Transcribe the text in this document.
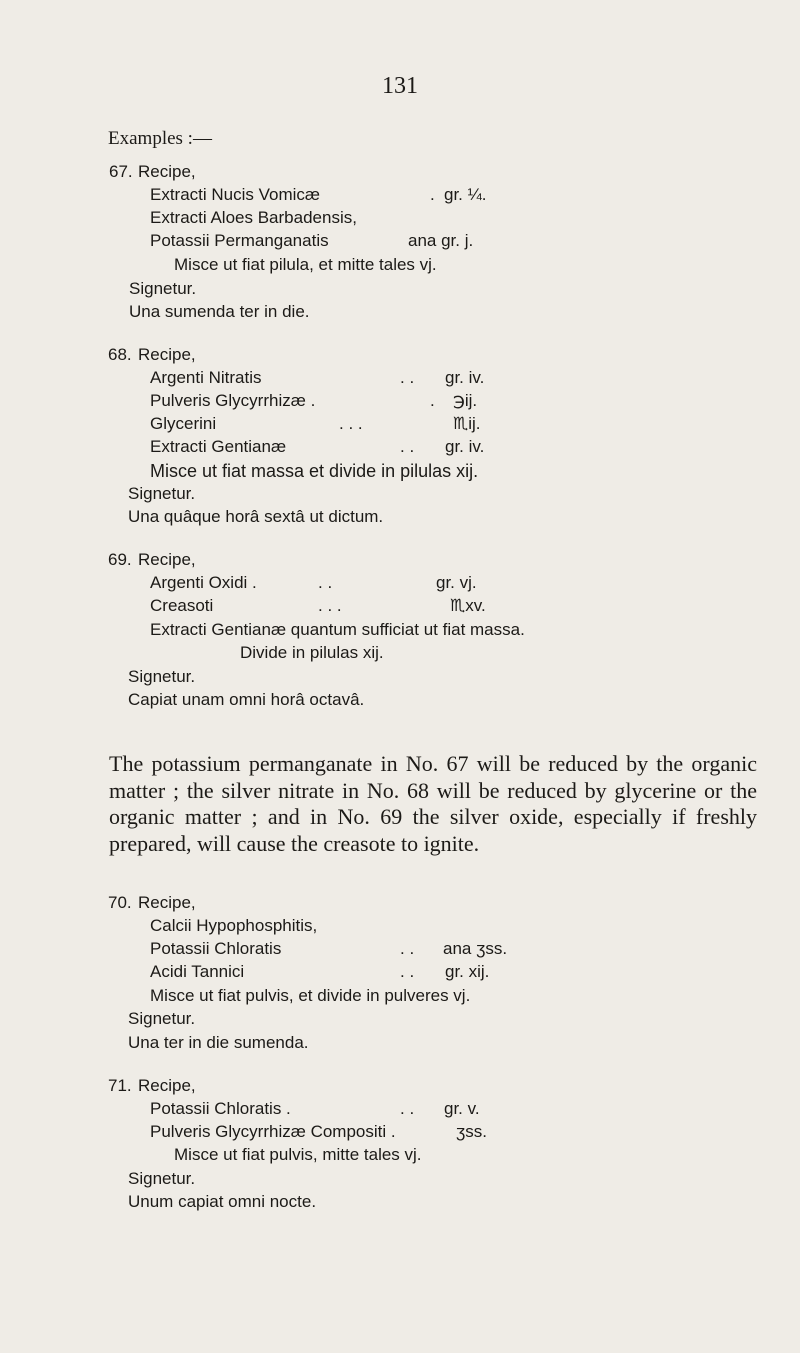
131
Examples :—
67. Recipe,
Extracti Nucis Vomicæ	. gr. ¼.
Extracti Aloes Barbadensis,
Potassii Permanganatis	ana gr. j.
Misce ut fiat pilula, et mitte tales vj.
Signetur.
Una sumenda ter in die.
68. Recipe,
Argenti Nitratis	. . gr. iv.
Pulveris Glycyrrhizæ .	. ℈ij.
Glycerini	. . .	♏ij.
Extracti Gentianæ	. . gr. iv.
Misce ut fiat massa et divide in pilulas xij.
Signetur.
Una quâque horâ sextâ ut dictum.
69. Recipe,
Argenti Oxidi .	. .	gr. vj.
Creasoti	. . .	♏xv.
Extracti Gentianæ quantum sufficiat ut fiat massa.
Divide in pilulas xij.
Signetur.
Capiat unam omni horâ octavâ.
The potassium permanganate in No. 67 will be reduced by the organic matter ; the silver nitrate in No. 68 will be reduced by glycerine or the organic matter ; and in No. 69 the silver oxide, especially if freshly prepared, will cause the creasote to ignite.
70. Recipe,
Calcii Hypophosphitis,
Potassii Chloratis	. . ana ʒss.
Acidi Tannici	. . gr. xij.
Misce ut fiat pulvis, et divide in pulveres vj.
Signetur.
Una ter in die sumenda.
71. Recipe,
Potassii Chloratis .	. . gr. v.
Pulveris Glycyrrhizæ Compositi .	ʒss.
Misce ut fiat pulvis, mitte tales vj.
Signetur.
Unum capiat omni nocte.
